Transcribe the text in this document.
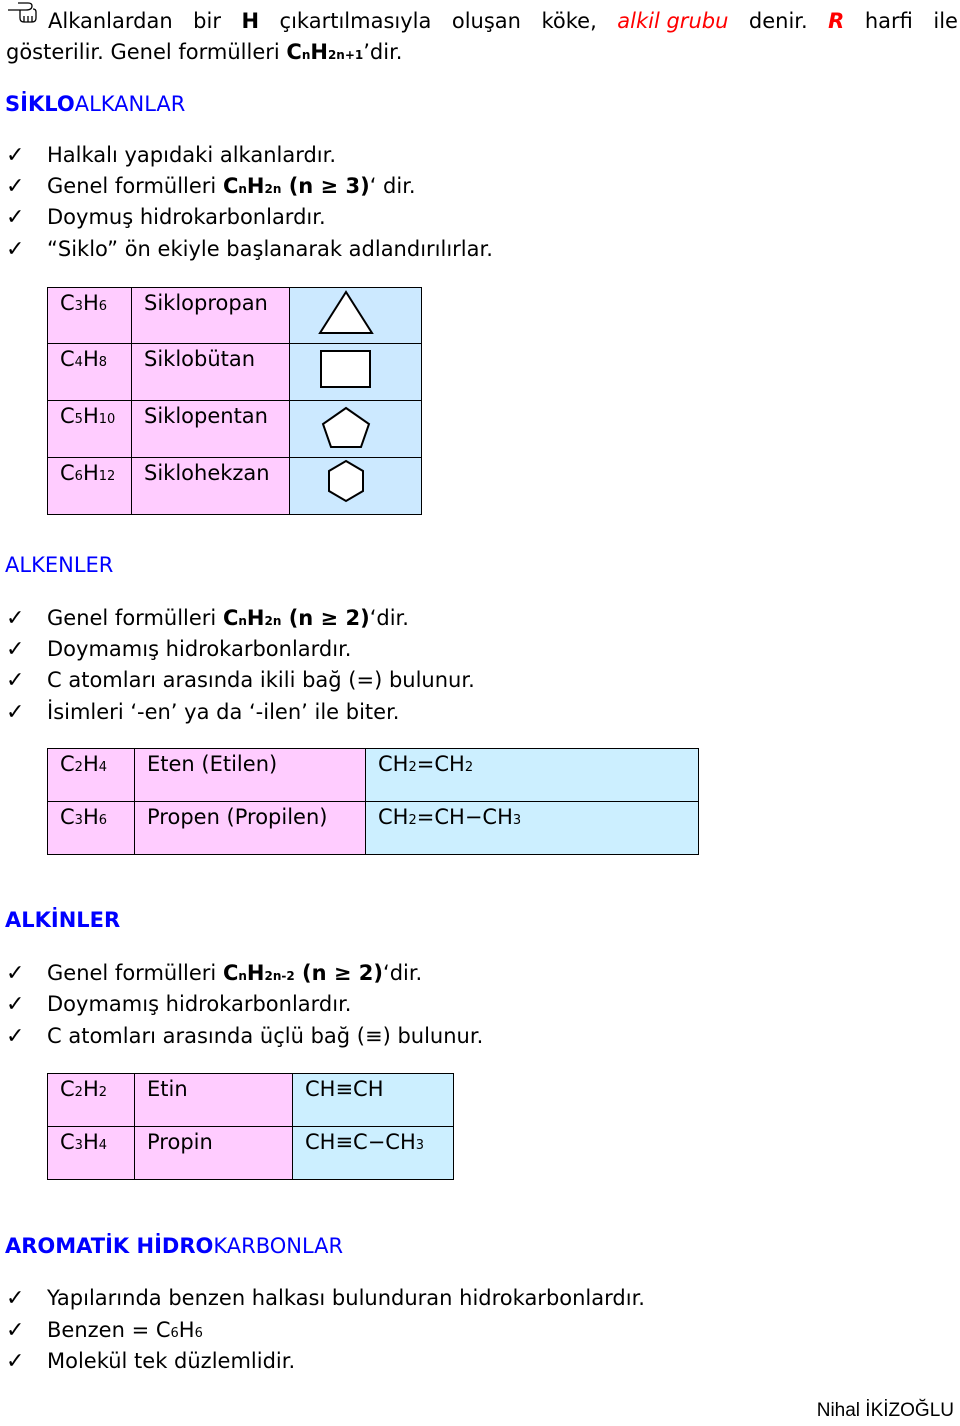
Alkanlardan bir H çıkartılmasıyla oluşan köke, alkil grubu denir. R harfi ile
gösterilir. Genel formülleri CnH2n+1’dir.
SİKLOALKANLAR
✓ Halkalı yapıdaki alkanlardır.
✓ Genel formülleri CnH2n (n ≥ 3)‘ dir.
✓ Doymuş hidrokarbonlardır.
✓ “Siklo” ön ekiyle başlanarak adlandırılırlar.
C3H6	Siklopropan

C4H8	Siklobütan

C5H10	Siklopentan

C6H12	Siklohekzan

ALKENLER
✓ Genel formülleri CnH2n (n ≥ 2)‘dir.
✓ Doymamış hidrokarbonlardır.
✓ C atomları arasında ikili bağ (=) bulunur.
✓ İsimleri ‘-en’ ya da ‘-ilen’ ile biter.
C2H4	Eten (Etilen)	CH2=CH2

C3H6	Propen (Propilen)	CH2=CH−CH3
ALKİNLER
✓ Genel formülleri CnH2n-2 (n ≥ 2)‘dir.
✓ Doymamış hidrokarbonlardır.
✓ C atomları arasında üçlü bağ (≡) bulunur.
C2H2	Etin	CH≡CH

C3H4	Propin	CH≡C−CH3
AROMATİK HİDROKARBONLAR
✓ Yapılarında benzen halkası bulunduran hidrokarbonlardır.
✓ Benzen = C6H6
✓ Molekül tek düzlemlidir.
Nihal İKİZOĞLU
